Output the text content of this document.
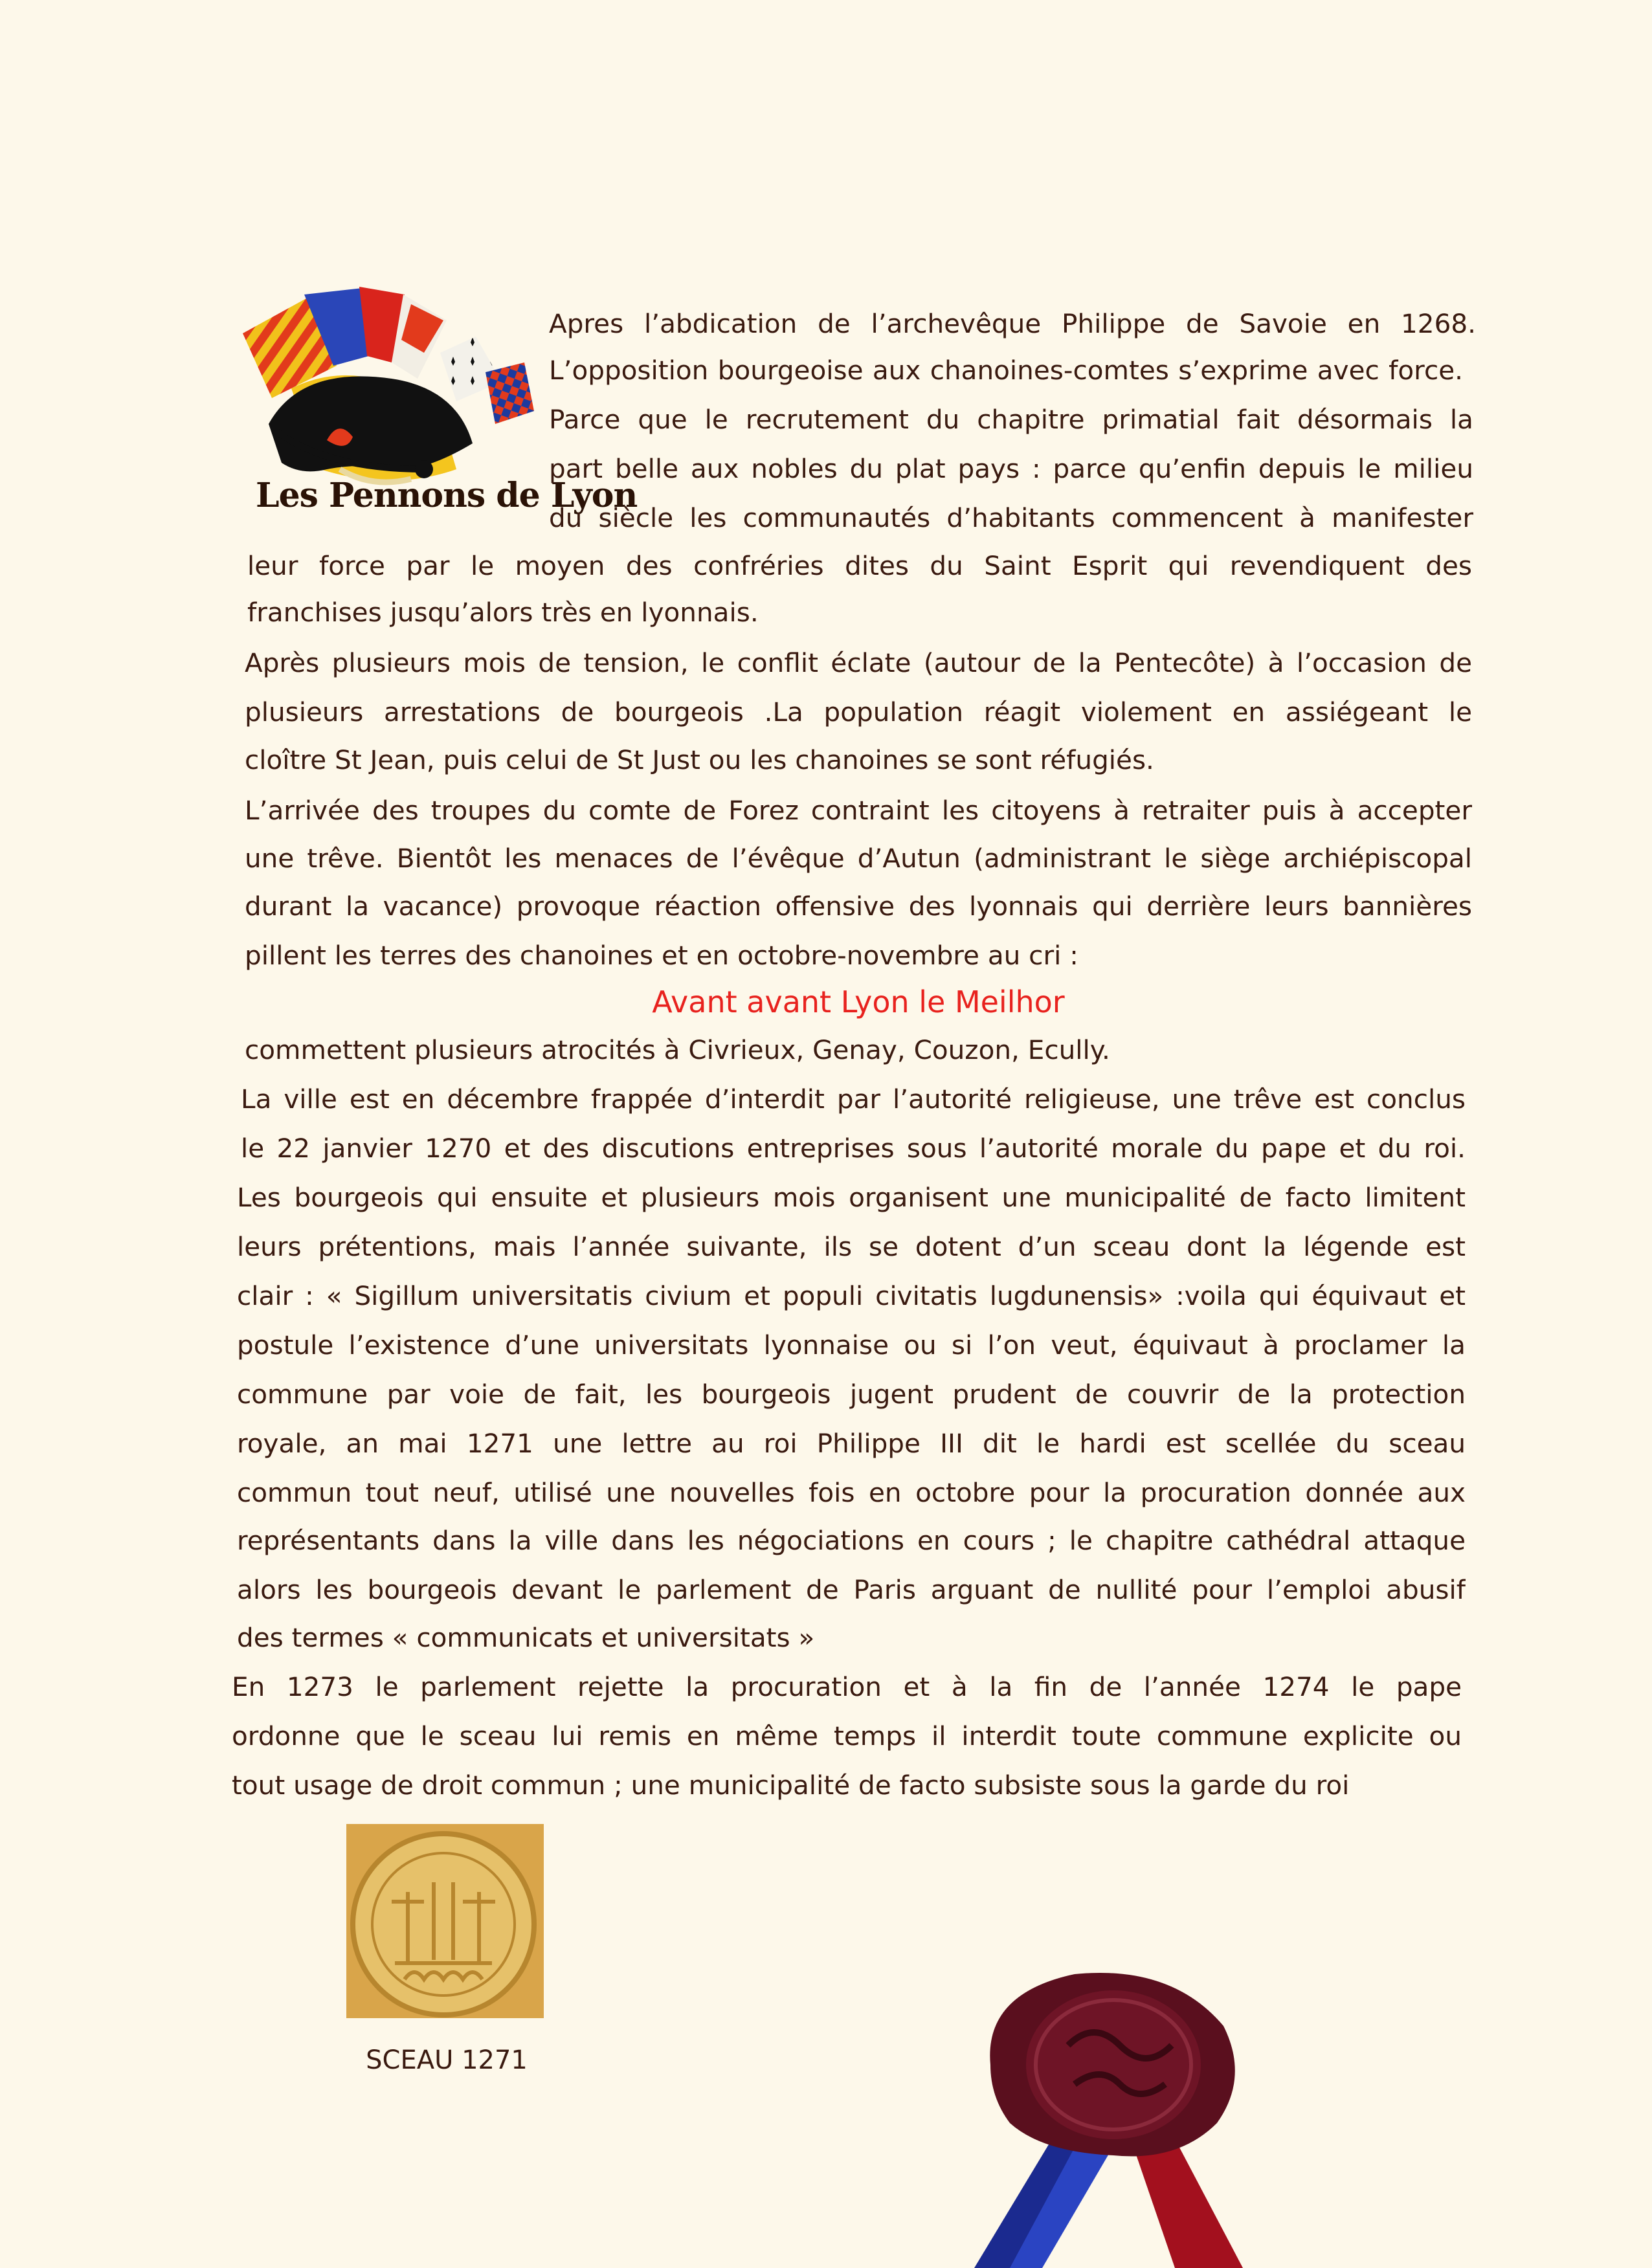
Les Pennons de Lyon
Apres l’abdication de l’archevêque Philippe de Savoie en 1268.
L’opposition bourgeoise aux chanoines-comtes s’exprime avec force.
Parce que le recrutement du chapitre primatial fait désormais la
part belle aux nobles du plat pays : parce qu’enfin depuis le milieu
du siècle les communautés d’habitants commencent à manifester
leur force par le moyen des confréries dites du Saint Esprit qui revendiquent des
franchises jusqu’alors très en lyonnais.
Après plusieurs mois de tension, le conflit éclate (autour de la Pentecôte) à l’occasion de
plusieurs arrestations de bourgeois .La population réagit violement en assiégeant le
cloître St Jean, puis celui de St Just ou les chanoines se sont réfugiés.
L’arrivée des troupes du comte de Forez contraint les citoyens à retraiter puis à accepter
une trêve. Bientôt les menaces de l’évêque d’Autun (administrant le siège archiépiscopal
durant la vacance) provoque réaction offensive des lyonnais qui derrière leurs bannières
pillent les terres des chanoines et en octobre-novembre au cri :
Avant avant Lyon le Meilhor
commettent plusieurs atrocités à Civrieux, Genay, Couzon, Ecully.
La ville est en décembre frappée d’interdit par l’autorité religieuse, une trêve est conclus
le 22 janvier 1270 et des discutions entreprises sous l’autorité morale du pape et du roi.
Les bourgeois qui ensuite et plusieurs mois organisent une municipalité de facto limitent
leurs prétentions, mais l’année suivante, ils se dotent d’un sceau dont la légende est
clair : « Sigillum universitatis civium et populi civitatis lugdunensis» :voila qui équivaut et
postule l’existence d’une universitats lyonnaise ou si l’on veut, équivaut à proclamer la
commune par voie de fait, les bourgeois jugent prudent de couvrir de la protection
royale, an mai 1271 une lettre au roi Philippe III dit le hardi est scellée du sceau
commun tout neuf, utilisé une nouvelles fois en octobre pour la procuration donnée aux
représentants dans la ville dans les négociations en cours ; le chapitre cathédral attaque
alors les bourgeois devant le parlement de Paris arguant de nullité pour l’emploi abusif
des termes « communicats et universitats »
En 1273 le parlement rejette la procuration et à la fin de l’année 1274 le pape
ordonne que le sceau lui remis en même temps il interdit toute commune explicite ou
tout usage de droit commun ; une municipalité de facto subsiste sous la garde du roi
SCEAU 1271
